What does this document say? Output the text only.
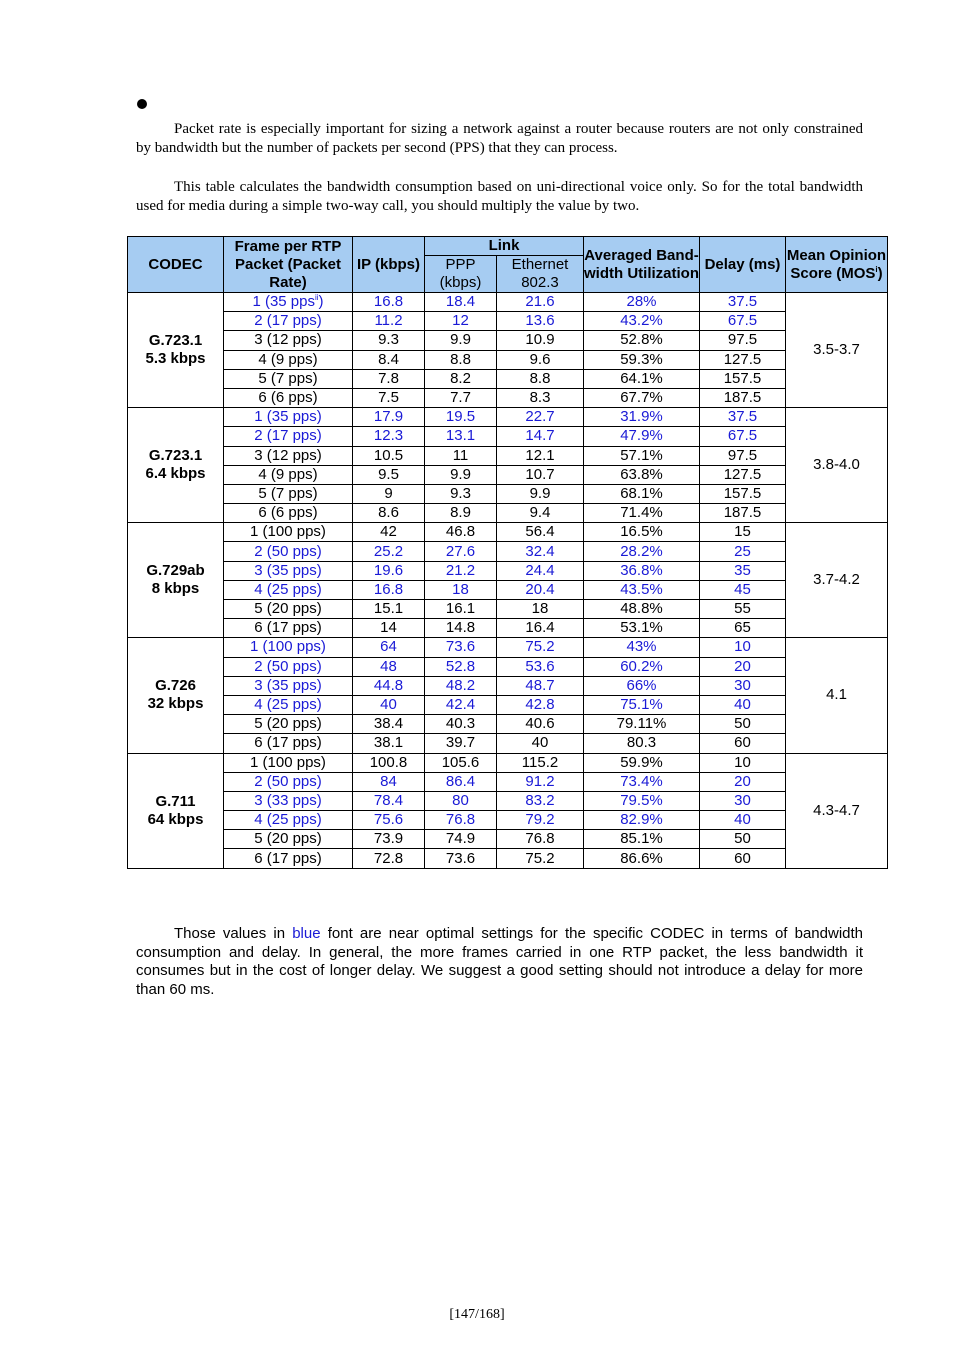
Packet rate is especially important for sizing a network against a router because routers are not only constrained by bandwidth but the number of packets per second (PPS) that they can process.

This table calculates the bandwidth consumption based on uni-directional voice only. So for the total bandwidth used for media during a simple two-way call, you should multiply the value by two.

CODEC	Frame per RTP Packet (Packet Rate)	IP (kbps)	Link		Averaged Band-width Utilization	Delay (ms)	Mean Opinion Score (MOS$^i$)
			PPP (kbps)	Ethernet 802.3			

G.723.1
5.3 kbps	1 (35 pps$^{ii}$)	16.8	18.4	21.6	28%	37.5	3.5-3.7
	2 (17 pps)	11.2	12	13.6	43.2%	67.5	
	3 (12 pps)	9.3	9.9	10.9	52.8%	97.5	
	4 (9 pps)	8.4	8.8	9.6	59.3%	127.5	
	5 (7 pps)	7.8	8.2	8.8	64.1%	157.5	
	6 (6 pps)	7.5	7.7	8.3	67.7%	187.5	

G.723.1
6.4 kbps	1 (35 pps)	17.9	19.5	22.7	31.9%	37.5	3.8-4.0
	2 (17 pps)	12.3	13.1	14.7	47.9%	67.5	
	3 (12 pps)	10.5	11	12.1	57.1%	97.5	
	4 (9 pps)	9.5	9.9	10.7	63.8%	127.5	
	5 (7 pps)	9	9.3	9.9	68.1%	157.5	
	6 (6 pps)	8.6	8.9	9.4	71.4%	187.5	

G.729ab
8 kbps	1 (100 pps)	42	46.8	56.4	16.5%	15	3.7-4.2
	2 (50 pps)	25.2	27.6	32.4	28.2%	25	
	3 (35 pps)	19.6	21.2	24.4	36.8%	35	
	4 (25 pps)	16.8	18	20.4	43.5%	45	
	5 (20 pps)	15.1	16.1	18	48.8%	55	
	6 (17 pps)	14	14.8	16.4	53.1%	65	

G.726
32 kbps	1 (100 pps)	64	73.6	75.2	43%	10	4.1
	2 (50 pps)	48	52.8	53.6	60.2%	20	
	3 (35 pps)	44.8	48.2	48.7	66%	30	
	4 (25 pps)	40	42.4	42.8	75.1%	40	
	5 (20 pps)	38.4	40.3	40.6	79.11%	50	
	6 (17 pps)	38.1	39.7	40	80.3	60	

G.711
64 kbps	1 (100 pps)	100.8	105.6	115.2	59.9%	10	4.3-4.7
	2 (50 pps)	84	86.4	91.2	73.4%	20	
	3 (33 pps)	78.4	80	83.2	79.5%	30	
	4 (25 pps)	75.6	76.8	79.2	82.9%	40	
	5 (20 pps)	73.9	74.9	76.8	85.1%	50	
	6 (17 pps)	72.8	73.6	75.2	86.6%	60	

Those values in blue font are near optimal settings for the specific CODEC in terms of bandwidth consumption and delay. In general, the more frames carried in one RTP packet, the less bandwidth it consumes but in the cost of longer delay. We suggest a good setting should not introduce a delay for more than 60 ms.

[147/168]
